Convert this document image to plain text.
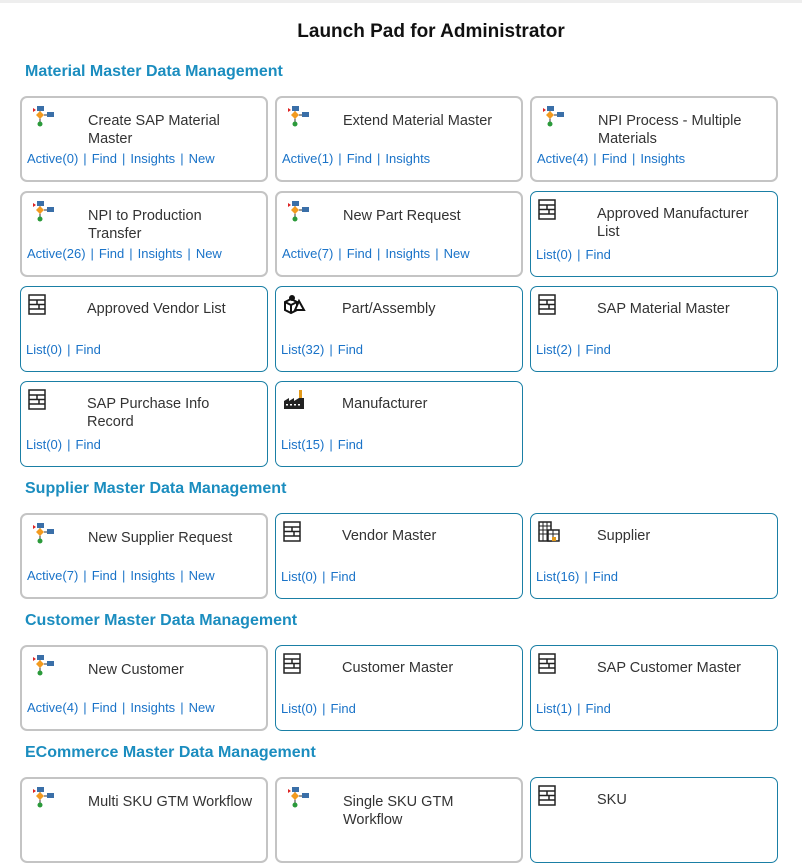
Launch Pad for Administrator
Material Master Data Management
Create SAP Material Master
Active(0) | Find | Insights | New
Extend Material Master
Active(1) | Find | Insights
NPI Process - Multiple Materials
Active(4) | Find | Insights
NPI to Production Transfer
Active(26) | Find | Insights | New
New Part Request
Active(7) | Find | Insights | New
Approved Manufacturer List
List(0) | Find
Approved Vendor List
List(0) | Find
Part/Assembly
List(32) | Find
SAP Material Master
List(2) | Find
SAP Purchase Info Record
List(0) | Find
Manufacturer
List(15) | Find
Supplier Master Data Management
New Supplier Request
Active(7) | Find | Insights | New
Vendor Master
List(0) | Find
Supplier
List(16) | Find
Customer Master Data Management
New Customer
Active(4) | Find | Insights | New
Customer Master
List(0) | Find
SAP Customer Master
List(1) | Find
ECommerce Master Data Management
Multi SKU GTM Workflow	Single SKU GTM Workflow
SKU
